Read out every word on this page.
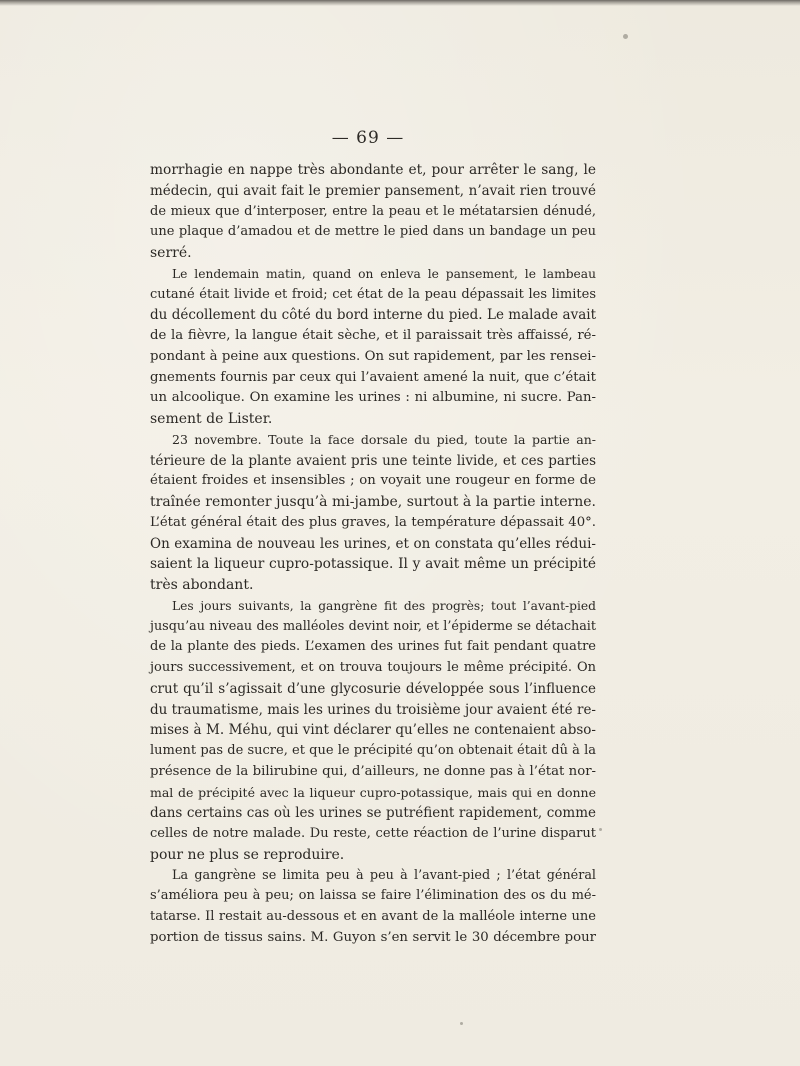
— 69 —
morrhagie en nappe très abondante et, pour arrêter le sang, le
médecin, qui avait fait le premier pansement, n’avait rien trouvé
de mieux que d’interposer, entre la peau et le métatarsien dénudé,
une plaque d’amadou et de mettre le pied dans un bandage un peu
serré.
Le lendemain matin, quand on enleva le pansement, le lambeau
cutané était livide et froid; cet état de la peau dépassait les limites
du décollement du côté du bord interne du pied. Le malade avait
de la fièvre, la langue était sèche, et il paraissait très affaissé, ré-
pondant à peine aux questions. On sut rapidement, par les rensei-
gnements fournis par ceux qui l’avaient amené la nuit, que c’était
un alcoolique. On examine les urines : ni albumine, ni sucre. Pan-
sement de Lister.
23 novembre. Toute la face dorsale du pied, toute la partie an-
térieure de la plante avaient pris une teinte livide, et ces parties
étaient froides et insensibles ; on voyait une rougeur en forme de
traînée remonter jusqu’à mi-jambe, surtout à la partie interne.
L’état général était des plus graves, la température dépassait 40°.
On examina de nouveau les urines, et on constata qu’elles rédui-
saient la liqueur cupro-potassique. Il y avait même un précipité
très abondant.
Les jours suivants, la gangrène fit des progrès; tout l’avant-pied
jusqu’au niveau des malléoles devint noir, et l’épiderme se détachait
de la plante des pieds. L’examen des urines fut fait pendant quatre
jours successivement, et on trouva toujours le même précipité. On
crut qu’il s’agissait d’une glycosurie développée sous l’influence
du traumatisme, mais les urines du troisième jour avaient été re-
mises à M. Méhu, qui vint déclarer qu’elles ne contenaient abso-
lument pas de sucre, et que le précipité qu’on obtenait était dû à la
présence de la bilirubine qui, d’ailleurs, ne donne pas à l’état nor-
mal de précipité avec la liqueur cupro-potassique, mais qui en donne
dans certains cas où les urines se putréfient rapidement, comme
celles de notre malade. Du reste, cette réaction de l’urine disparut
pour ne plus se reproduire.
La gangrène se limita peu à peu à l’avant-pied ; l’état général
s’améliora peu à peu; on laissa se faire l’élimination des os du mé-
tatarse. Il restait au-dessous et en avant de la malléole interne une
portion de tissus sains. M. Guyon s’en servit le 30 décembre pour
